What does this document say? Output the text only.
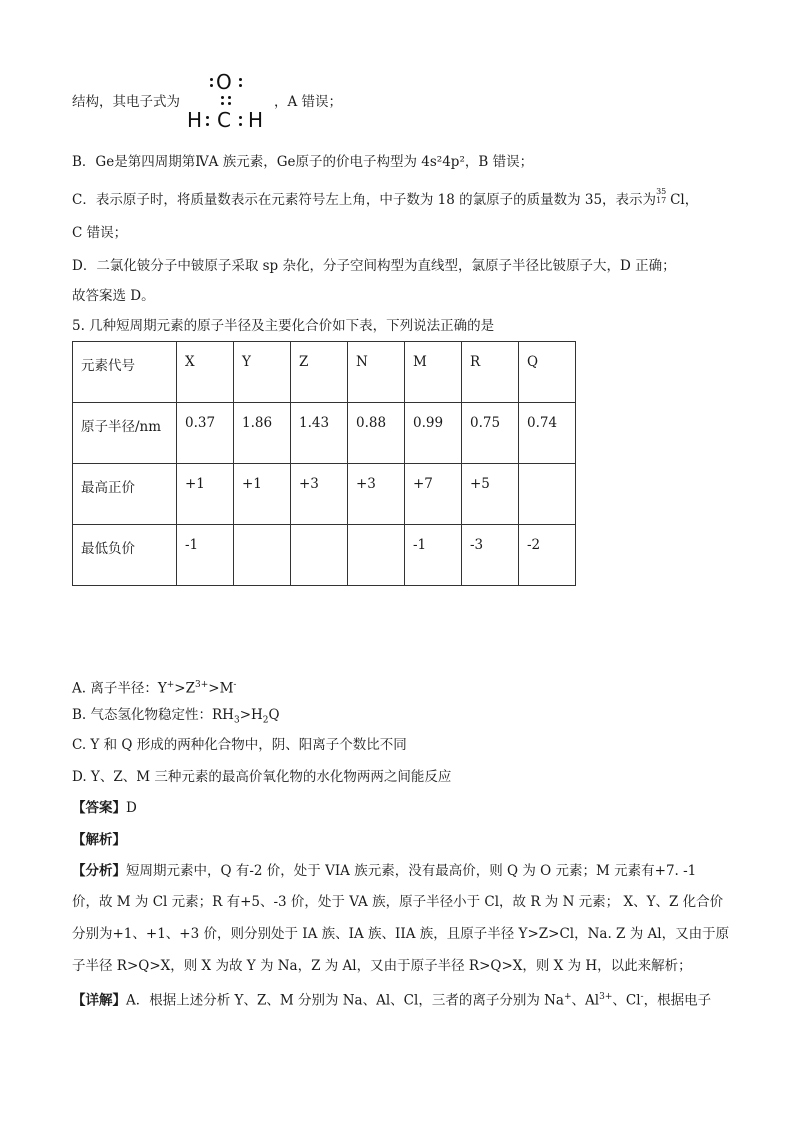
结构，其电子式为
O
H C H
，A 错误；
B．Ge是第四周期第ⅣA 族元素，Ge原子的价电子构型为 4s²4p²，B 错误；
C．表示原子时，将质量数表示在元素符号左上角，中子数为 18 的氯原子的质量数为 35，表示为
35
17 Cl，
C 错误；
D．二氯化铍分子中铍原子采取 sp 杂化，分子空间构型为直线型，氯原子半径比铍原子大，D 正确；
故答案选 D。
5. 几种短周期元素的原子半径及主要化合价如下表，下列说法正确的是
元素代号	X	Y	Z	N	M	R	Q
原子半径/nm	0.37	1.86	1.43	0.88	0.99	0.75	0.74
最高正价	+1	+1	+3	+3	+7	+5	
最低负价	-1				-1	-3	-2
A. 离子半径：$Y^+>Z^{3+}>M^-$
B. 气态氢化物稳定性：$RH_3>H_2Q$
C. Y 和 Q 形成的两种化合物中，阴、阳离子个数比不同
D. Y、Z、M 三种元素的最高价氧化物的水化物两两之间能反应
【答案】D
【解析】
【分析】短周期元素中，Q 有-2 价，处于 VIA 族元素，没有最高价，则 Q 为 O 元素；M 元素有+7. -1
价，故 M 为 Cl 元素；R 有+5、-3 价，处于 VA 族，原子半径小于 Cl，故 R 为 N 元素； X、Y、Z 化合价
分别为+1、+1、+3 价，则分别处于 IA 族、IA 族、IIA 族，且原子半径 Y>Z>Cl，Na. Z 为 Al，又由于原
子半径 R>Q>X，则 X 为故 Y 为 Na，Z 为 Al，又由于原子半径 R>Q>X，则 X 为 H，以此来解析；
【详解】A．根据上述分析 Y、Z、M 分别为 Na、Al、Cl，三者的离子分别为 Na+、$Al^{3+}$、Cl-，根据电子
